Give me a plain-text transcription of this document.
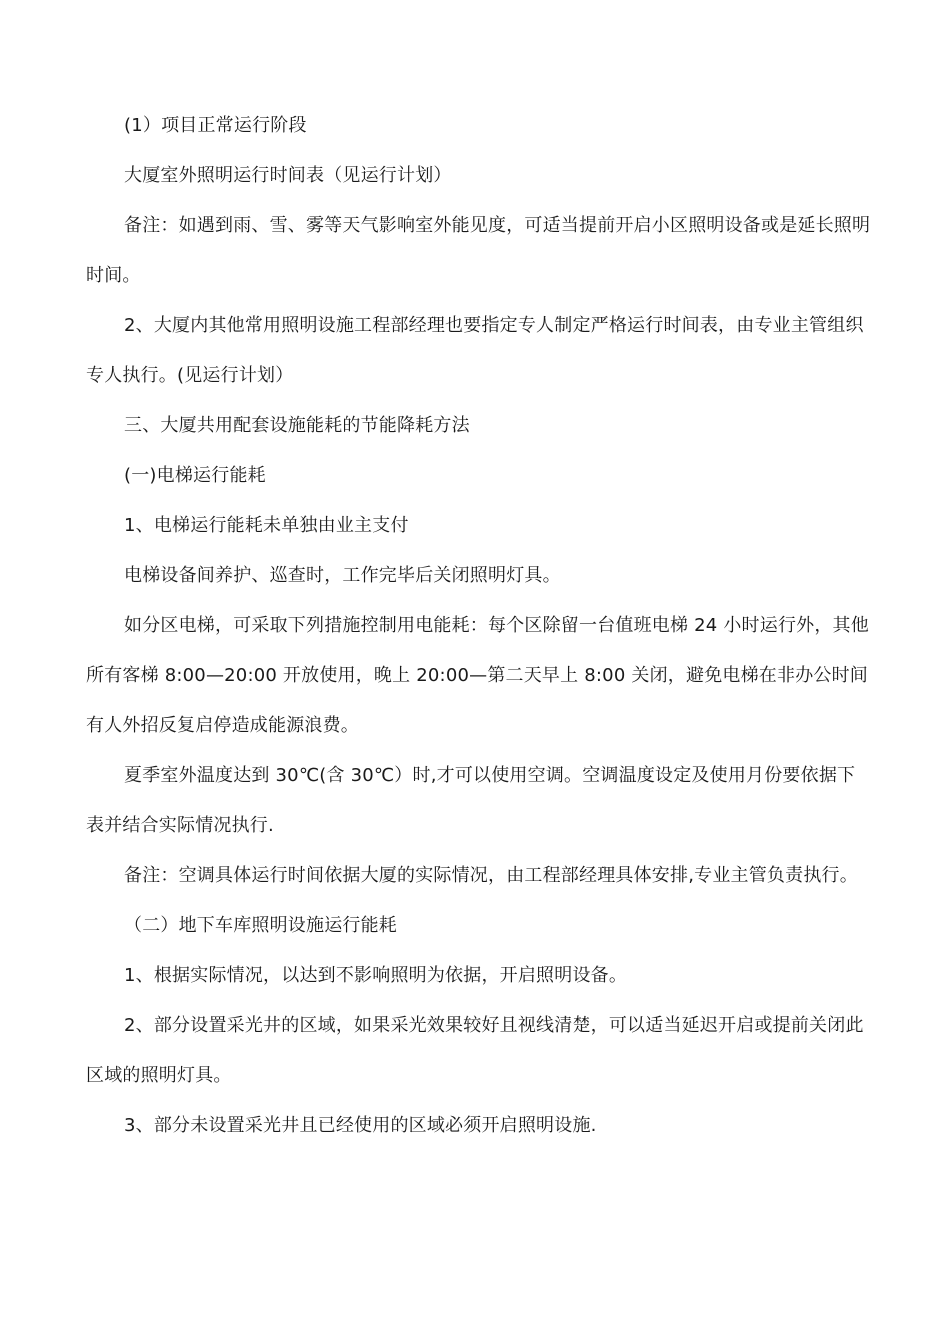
(1）项目正常运行阶段

大厦室外照明运行时间表（见运行计划）

备注：如遇到雨、雪、雾等天气影响室外能见度，可适当提前开启小区照明设备或是延长照明时间。

2、大厦内其他常用照明设施工程部经理也要指定专人制定严格运行时间表，由专业主管组织专人执行。(见运行计划）

三、大厦共用配套设施能耗的节能降耗方法

(一)电梯运行能耗

1、电梯运行能耗未单独由业主支付

电梯设备间养护、巡查时，工作完毕后关闭照明灯具。

如分区电梯，可采取下列措施控制用电能耗：每个区除留一台值班电梯 24 小时运行外，其他所有客梯 8:00—20:00 开放使用，晚上 20:00—第二天早上 8:00 关闭，避免电梯在非办公时间有人外招反复启停造成能源浪费。

夏季室外温度达到 30℃(含 30℃）时,才可以使用空调。空调温度设定及使用月份要依据下表并结合实际情况执行.

备注：空调具体运行时间依据大厦的实际情况，由工程部经理具体安排,专业主管负责执行。

（二）地下车库照明设施运行能耗

1、根据实际情况，以达到不影响照明为依据，开启照明设备。

2、部分设置采光井的区域，如果采光效果较好且视线清楚，可以适当延迟开启或提前关闭此区域的照明灯具。

3、部分未设置采光井且已经使用的区域必须开启照明设施.
